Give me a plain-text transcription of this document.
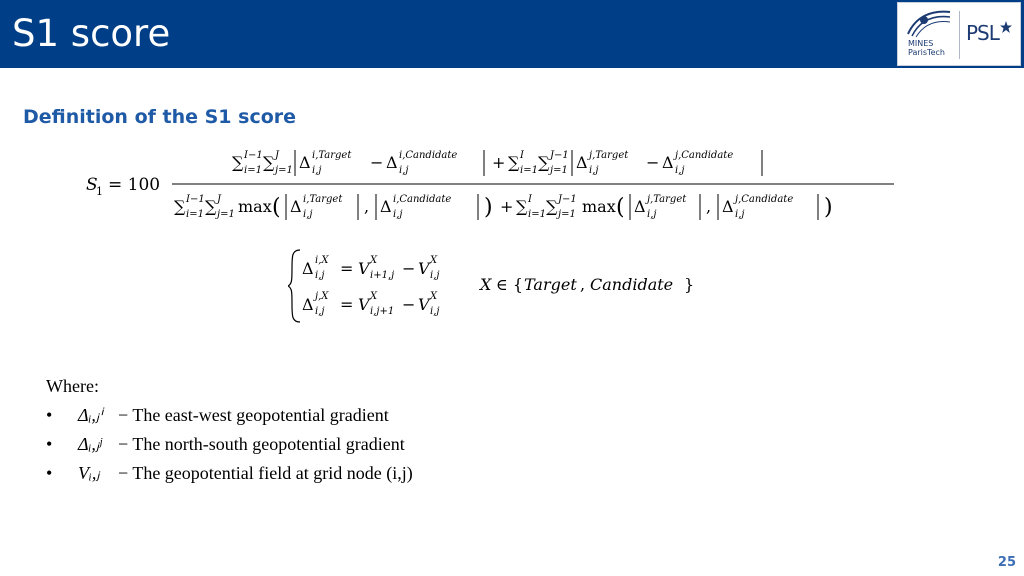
S1 score	MINES
ParisTech
PSL
Definition of the S1 score
S
1 = 100
∑ I−1
i=1 ∑ J
j=1 Δ i,Target
i,j	− Δ i,Candidate
i,j	+ ∑ I
i=1 ∑ J−1
j=1 Δ j,Target
i,j	− Δ j,Candidate
i,j
∑ I−1
i=1 ∑ J
j=1 max ( Δ i,Target
i,j	, Δ i,Candidate
i,j	) + ∑ I
i=1 ∑ J−1
j=1 max ( Δ j,Target
i,j	, Δ j,Candidate
i,j	)
Δ i,X
i,j = V X
i+1,j − V X
i,j
Δ j,X
i,j = V X
i,j+1 − V X
i,j
X ∈ { Target , Candidate }
Where:
•	Δᵢ,ⱼⁱ − The east-west geopotential gradient
•	Δᵢ,ⱼʲ − The north-south geopotential gradient
•	Vᵢ,ⱼ	− The geopotential field at grid node (i,j)
25
